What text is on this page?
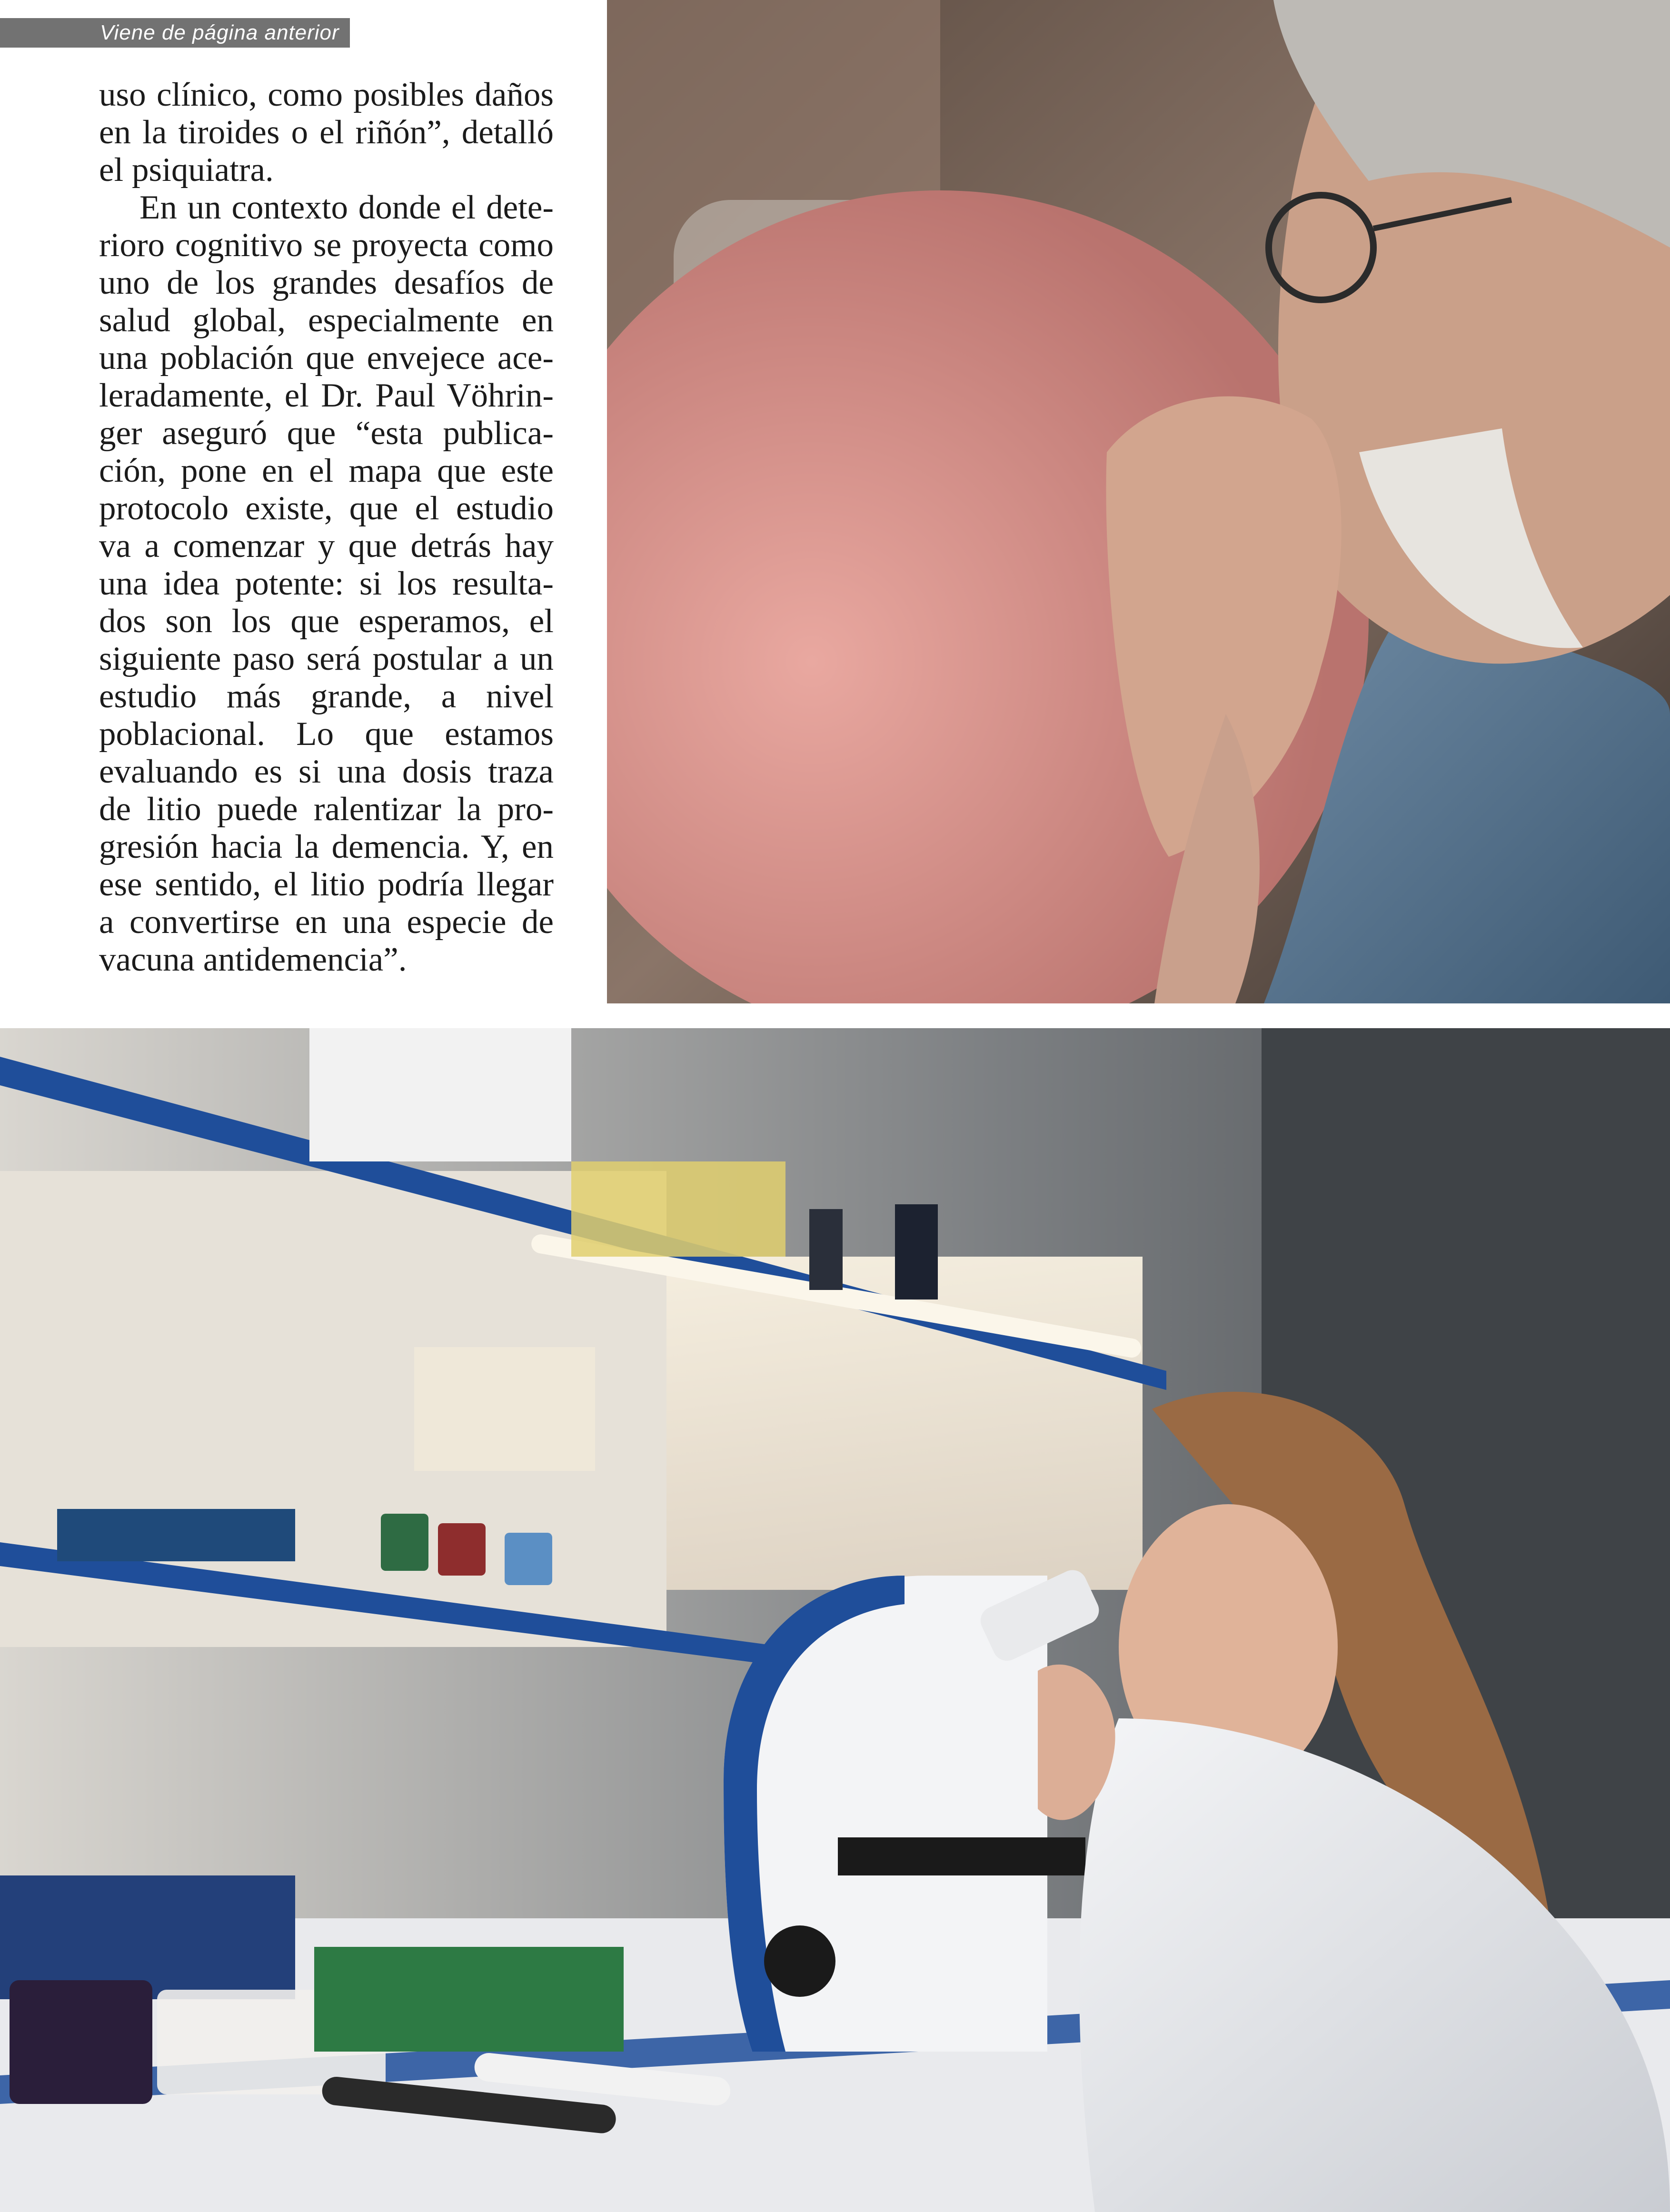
Viene de página anterior

uso clínico, como posibles daños en la tiroides o el riñón”, detalló el psiquiatra.

En un contexto donde el deterioro cognitivo se proyecta como uno de los grandes desafíos de salud global, especialmente en una población que envejece aceleradamente, el Dr. Paul Vöhringer aseguró que “esta publicación, pone en el mapa que este protocolo existe, que el estudio va a comenzar y que detrás hay una idea potente: si los resultados son los que esperamos, el siguiente paso será postular a un estudio más grande, a nivel poblacional. Lo que estamos evaluando es si una dosis traza de litio puede ralentizar la progresión hacia la demencia. Y, en ese sentido, el litio podría llegar a convertirse en una especie de vacuna antidemencia”.
